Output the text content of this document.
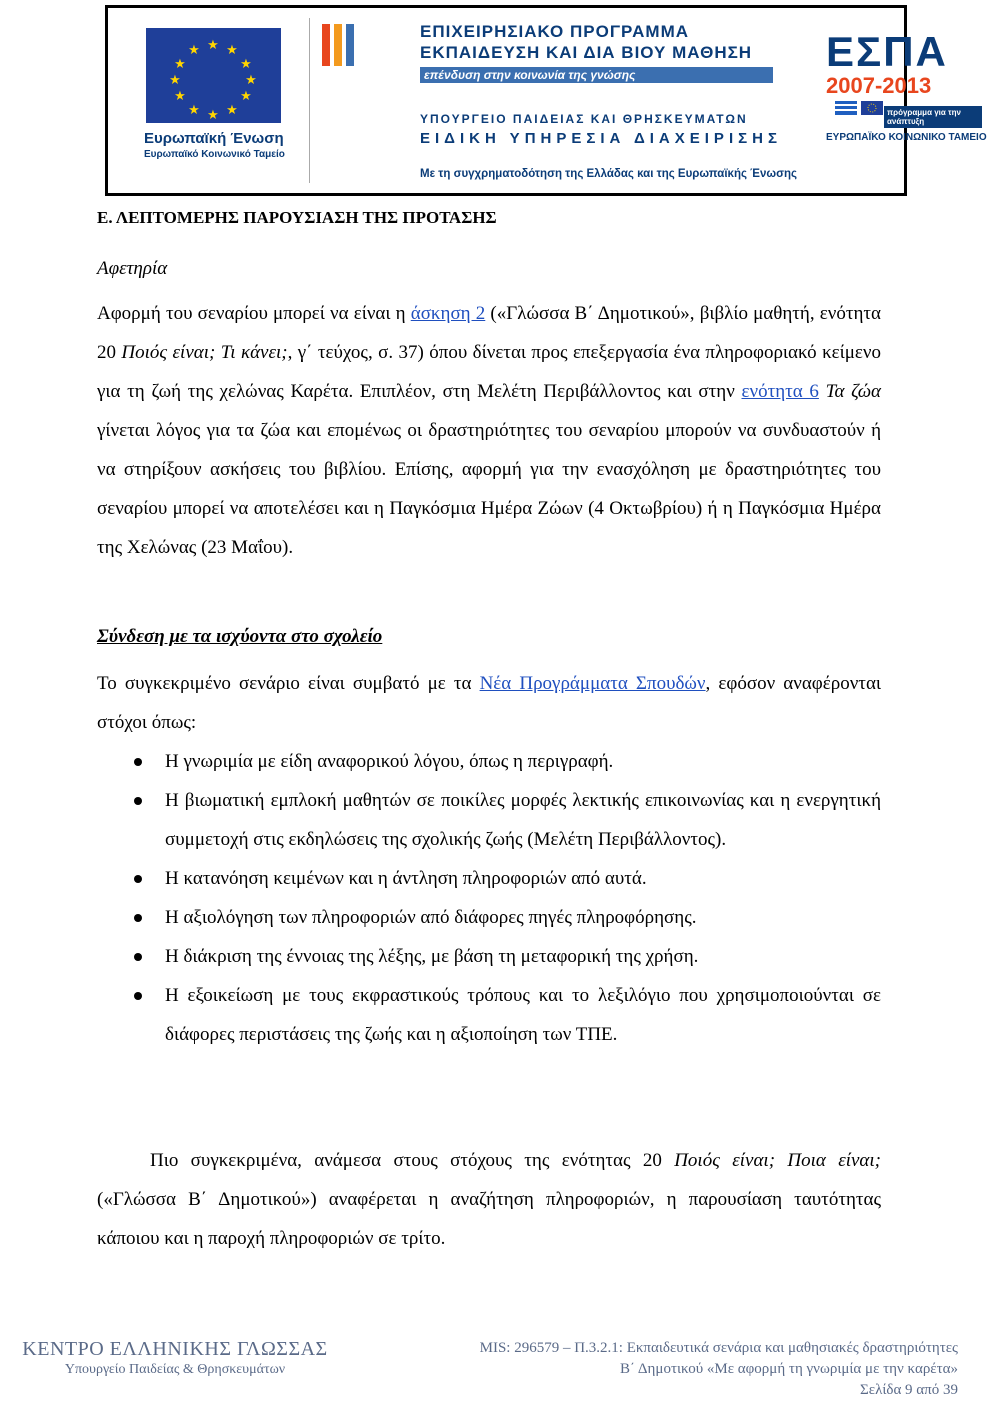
★ ★
★
★
★
★
★
★
★
★
★
★
Ευρωπαϊκή Ένωση
Ευρωπαϊκό Κοινωνικό Ταμείο
ΕΠΙΧΕΙΡΗΣΙΑΚΟ ΠΡΟΓΡΑΜΜΑ
ΕΚΠΑΙΔΕΥΣΗ ΚΑΙ ΔΙΑ ΒΙΟΥ ΜΑΘΗΣΗ
επένδυση στην κοινωνία της γνώσης
ΥΠΟΥΡΓΕΙΟ ΠΑΙΔΕΙΑΣ ΚΑΙ ΘΡΗΣΚΕΥΜΑΤΩΝ
ΕΙΔΙΚΗ ΥΠΗΡΕΣΙΑ ΔΙΑΧΕΙΡΙΣΗΣ
Με τη συγχρηματοδότηση της Ελλάδας και της Ευρωπαϊκής Ένωσης
ΕΣΠΑ
2007-2013
πρόγραμμα για την ανάπτυξη
ΕΥΡΩΠΑΪΚΟ ΚΟΙΝΩΝΙΚΟ ΤΑΜΕΙΟ
Ε. ΛΕΠΤΟΜΕΡΗΣ ΠΑΡΟΥΣΙΑΣΗ ΤΗΣ ΠΡΟΤΑΣΗΣ
Αφετηρία

Αφορμή του σεναρίου μπορεί να είναι η άσκηση 2 («Γλώσσα Β΄ Δημοτικού», βιβλίο μαθητή, ενότητα 20 Ποιός είναι; Τι κάνει;, γ΄ τεύχος, σ. 37) όπου δίνεται προς επεξεργασία ένα πληροφοριακό κείμενο για τη ζωή της χελώνας Καρέτα. Επιπλέον, στη Μελέτη Περιβάλλοντος και στην ενότητα 6 Τα ζώα γίνεται λόγος για τα ζώα και επομένως οι δραστηριότητες του σεναρίου μπορούν να συνδυαστούν ή να στηρίξουν ασκήσεις του βιβλίου. Επίσης, αφορμή για την ενασχόληση με δραστηριότητες του σεναρίου μπορεί να αποτελέσει και η Παγκόσμια Ημέρα Ζώων (4 Οκτωβρίου) ή η Παγκόσμια Ημέρα της Χελώνας (23 Μαΐου).

Σύνδεση με τα ισχύοντα στο σχολείο

Το συγκεκριμένο σενάριο είναι συμβατό με τα Νέα Προγράμματα Σπουδών, εφόσον αναφέρονται στόχοι όπως:

Η γνωριμία με είδη αναφορικού λόγου, όπως η περιγραφή.
Η βιωματική εμπλοκή μαθητών σε ποικίλες μορφές λεκτικής επικοινωνίας και η ενεργητική συμμετοχή στις εκδηλώσεις της σχολικής ζωής (Μελέτη Περιβάλλοντος).
Η κατανόηση κειμένων και η άντληση πληροφοριών από αυτά.
Η αξιολόγηση των πληροφοριών από διάφορες πηγές πληροφόρησης.
Η διάκριση της έννοιας της λέξης, με βάση τη μεταφορική της χρήση.
Η εξοικείωση με τους εκφραστικούς τρόπους και το λεξιλόγιο που χρησιμοποιούνται σε διάφορες περιστάσεις της ζωής και η αξιοποίηση των ΤΠΕ.

Πιο συγκεκριμένα, ανάμεσα στους στόχους της ενότητας 20 Ποιός είναι; Ποια είναι; («Γλώσσα Β΄ Δημοτικού») αναφέρεται η αναζήτηση πληροφοριών, η παρουσίαση ταυτότητας κάποιου και η παροχή πληροφοριών σε τρίτο.

ΚΕΝΤΡΟ ΕΛΛΗΝΙΚΗΣ ΓΛΩΣΣΑΣ
Υπουργείο Παιδείας & Θρησκευμάτων
MIS: 296579 – Π.3.2.1: Εκπαιδευτικά σενάρια και μαθησιακές δραστηριότητες
Β΄ Δημοτικού «Με αφορμή τη γνωριμία με την καρέτα»
Σελίδα 9 από 39
